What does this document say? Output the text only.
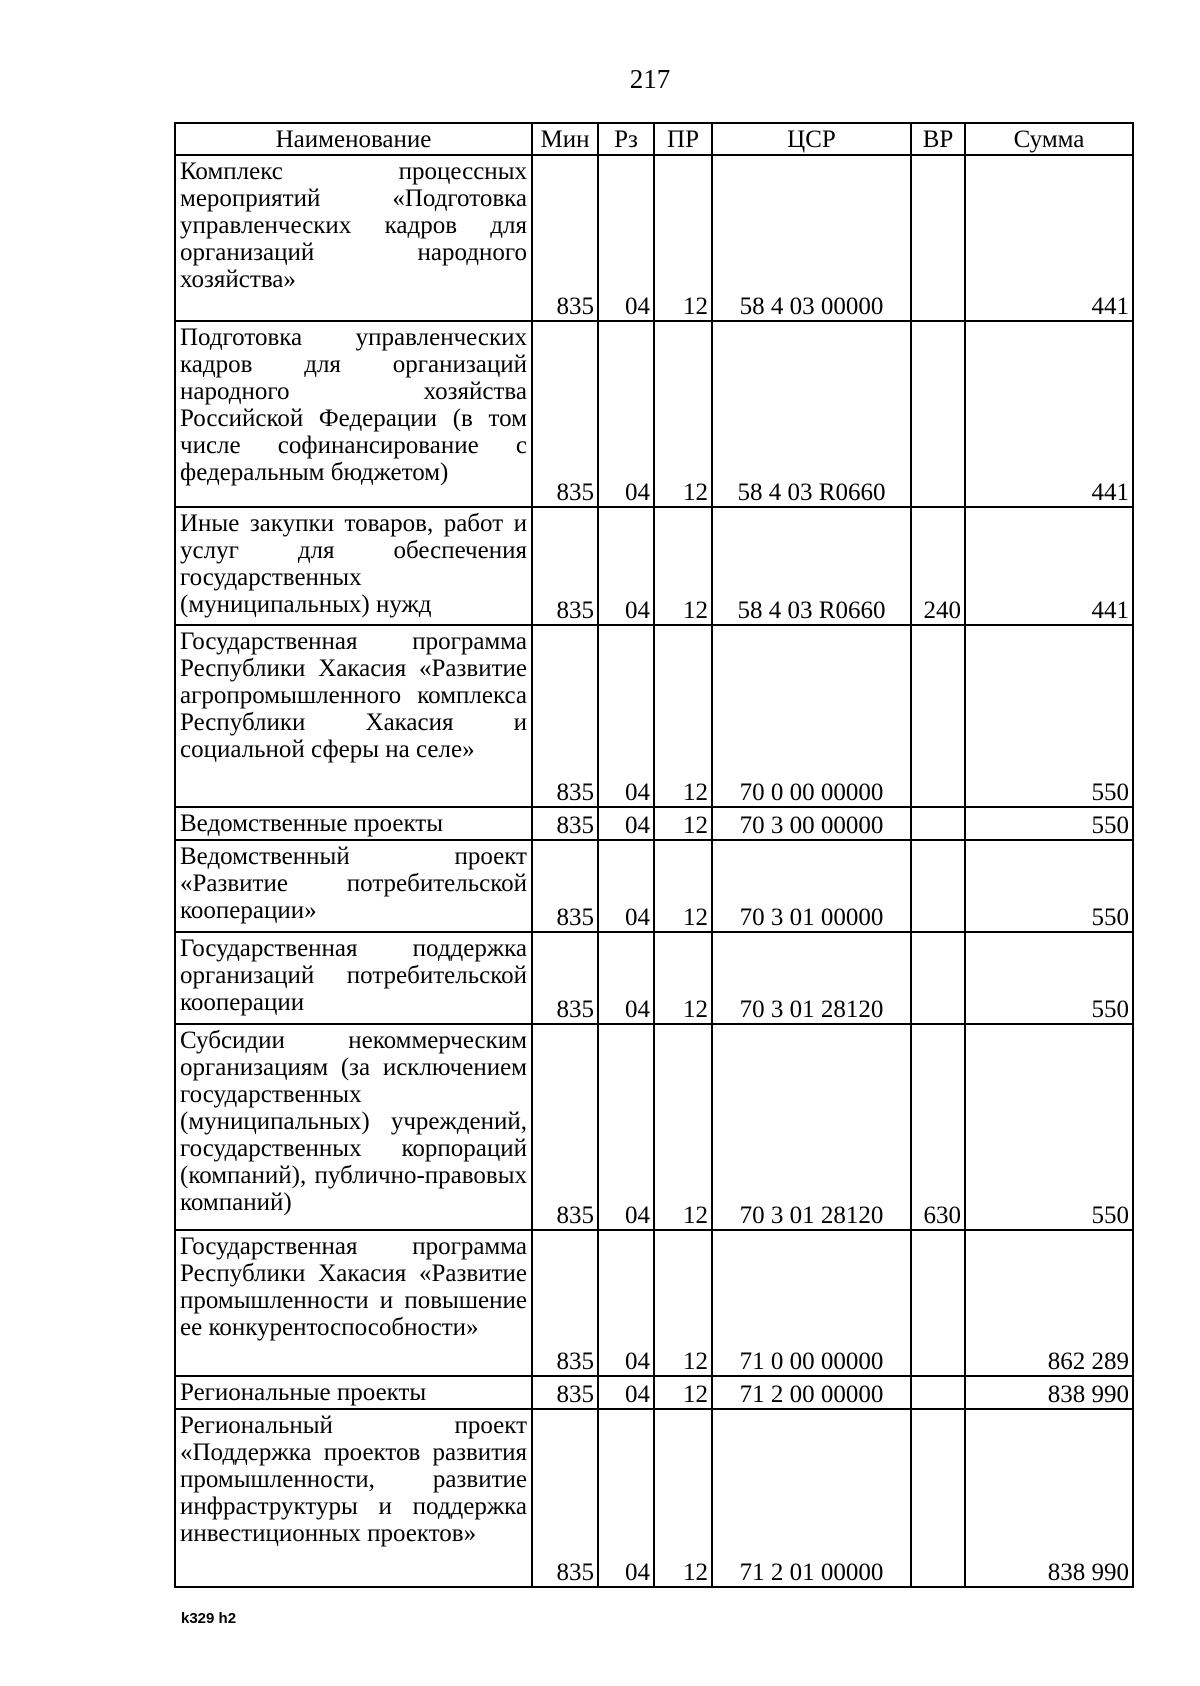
217
Наименование	Мин	Рз	ПР	ЦСР	ВР	Сумма
Комплекс процессных мероприятий «Подготовка управленческих кадров для организаций народного хозяйства»	835	04	12	58 4 03 00000		441
Подготовка управленческих кадров для организаций народного хозяйства Российской Федерации (в том числе софинансирование с федеральным бюджетом)	835	04	12	58 4 03 R0660		441
Иные закупки товаров, работ и услуг для обеспечения государственных (муниципальных) нужд	835	04	12	58 4 03 R0660	240	441
Государственная программа Республики Хакасия «Развитие агропромышленного комплекса Республики Хакасия и социальной сферы на селе»	835	04	12	70 0 00 00000		550
Ведомственные проекты	835	04	12	70 3 00 00000		550
Ведомственный проект «Развитие потребительской кооперации»	835	04	12	70 3 01 00000		550
Государственная поддержка организаций потребительской кооперации	835	04	12	70 3 01 28120		550
Субсидии некоммерческим организациям (за исключением государственных (муниципальных) учреждений, государственных корпораций (компаний), публично-правовых компаний)	835	04	12	70 3 01 28120	630	550
Государственная программа Республики Хакасия «Развитие промышленности и повышение ее конкурентоспособности»	835	04	12	71 0 00 00000		862 289
Региональные проекты	835	04	12	71 2 00 00000		838 990
Региональный проект «Поддержка проектов развития промышленности, развитие инфраструктуры и поддержка инвестиционных проектов»	835	04	12	71 2 01 00000		838 990
k329 h2
